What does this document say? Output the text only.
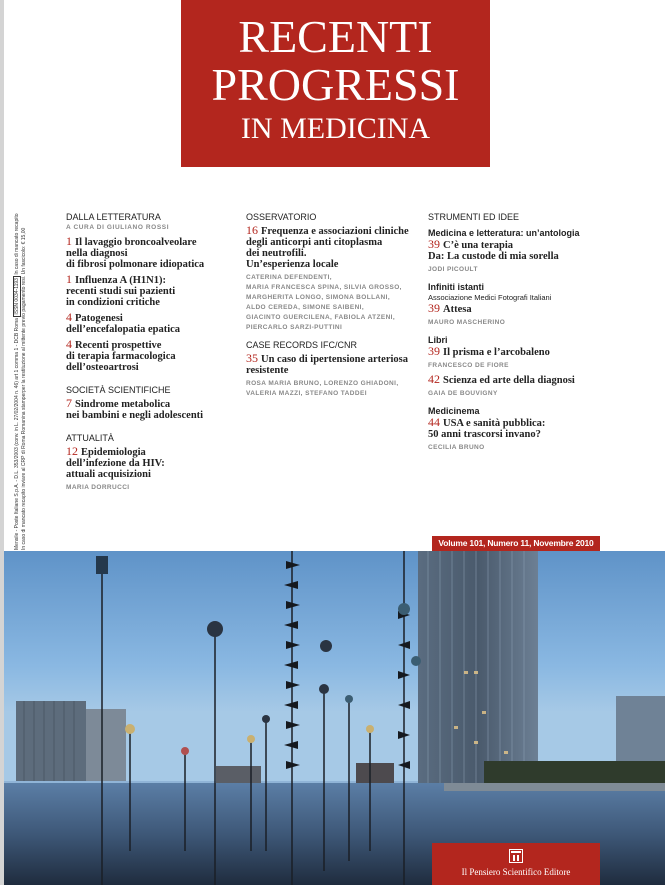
RECENTI
PROGRESSI
IN MEDICINA
Mensile - Poste Italiane S.p.A. - D.L. 353/2003 (conv. in L. 27/02/2004 n. 46) art 1 comma 1 - DCB Roma ISSN 0034-1193 In caso di mancato recapito In caso di mancato recapito inviare al CRP di Roma Romanina stamperper la restituzione al mittente previo pagamento resi. Un fascicolo: € 15,00
DALLA LETTERATURA
A CURA DI GIULIANO ROSSI
1 Il lavaggio broncoalveolare
nella diagnosi
di fibrosi polmonare idiopatica
1 Influenza A (H1N1):
recenti studi sui pazienti
in condizioni critiche
4 Patogenesi
dell’encefalopatia epatica
4 Recenti prospettive
di terapia farmacologica
dell’osteoartrosi
SOCIETÀ SCIENTIFICHE
7 Sindrome metabolica
nei bambini e negli adolescenti
ATTUALITÀ
12 Epidemiologia
dell’infezione da HIV:
attuali acquisizioni
MARIA DORRUCCI
OSSERVATORIO
16 Frequenza e associazioni cliniche
degli anticorpi anti citoplasma
dei neutrofili.
Un’esperienza locale
CATERINA DEFENDENTI,
MARIA FRANCESCA SPINA, SILVIA GROSSO,
MARGHERITA LONGO, SIMONA BOLLANI,
ALDO CEREDA, SIMONE SAIBENI,
GIACINTO GUERCILENA, FABIOLA ATZENI,
PIERCARLO SARZI-PUTTINI
CASE RECORDS IFC/CNR
35 Un caso di ipertensione arteriosa
resistente
ROSA MARIA BRUNO, LORENZO GHIADONI,
VALERIA MAZZI, STEFANO TADDEI
STRUMENTI ED IDEE
Medicina e letteratura: un’antologia
39 C’è una terapia
Da: La custode di mia sorella
JODI PICOULT
Infiniti istanti
Associazione Medici Fotografi Italiani
39 Attesa
MAURO MASCHERINO
Libri
39 Il prisma e l’arcobaleno
FRANCESCO DE FIORE
42 Scienza ed arte della diagnosi
GAIA DE BOUVIGNY
Medicinema
44 USA e sanità pubblica:
50 anni trascorsi invano?
CECILIA BRUNO
Volume 101, Numero 11, Novembre 2010
Il Pensiero Scientifico Editore
